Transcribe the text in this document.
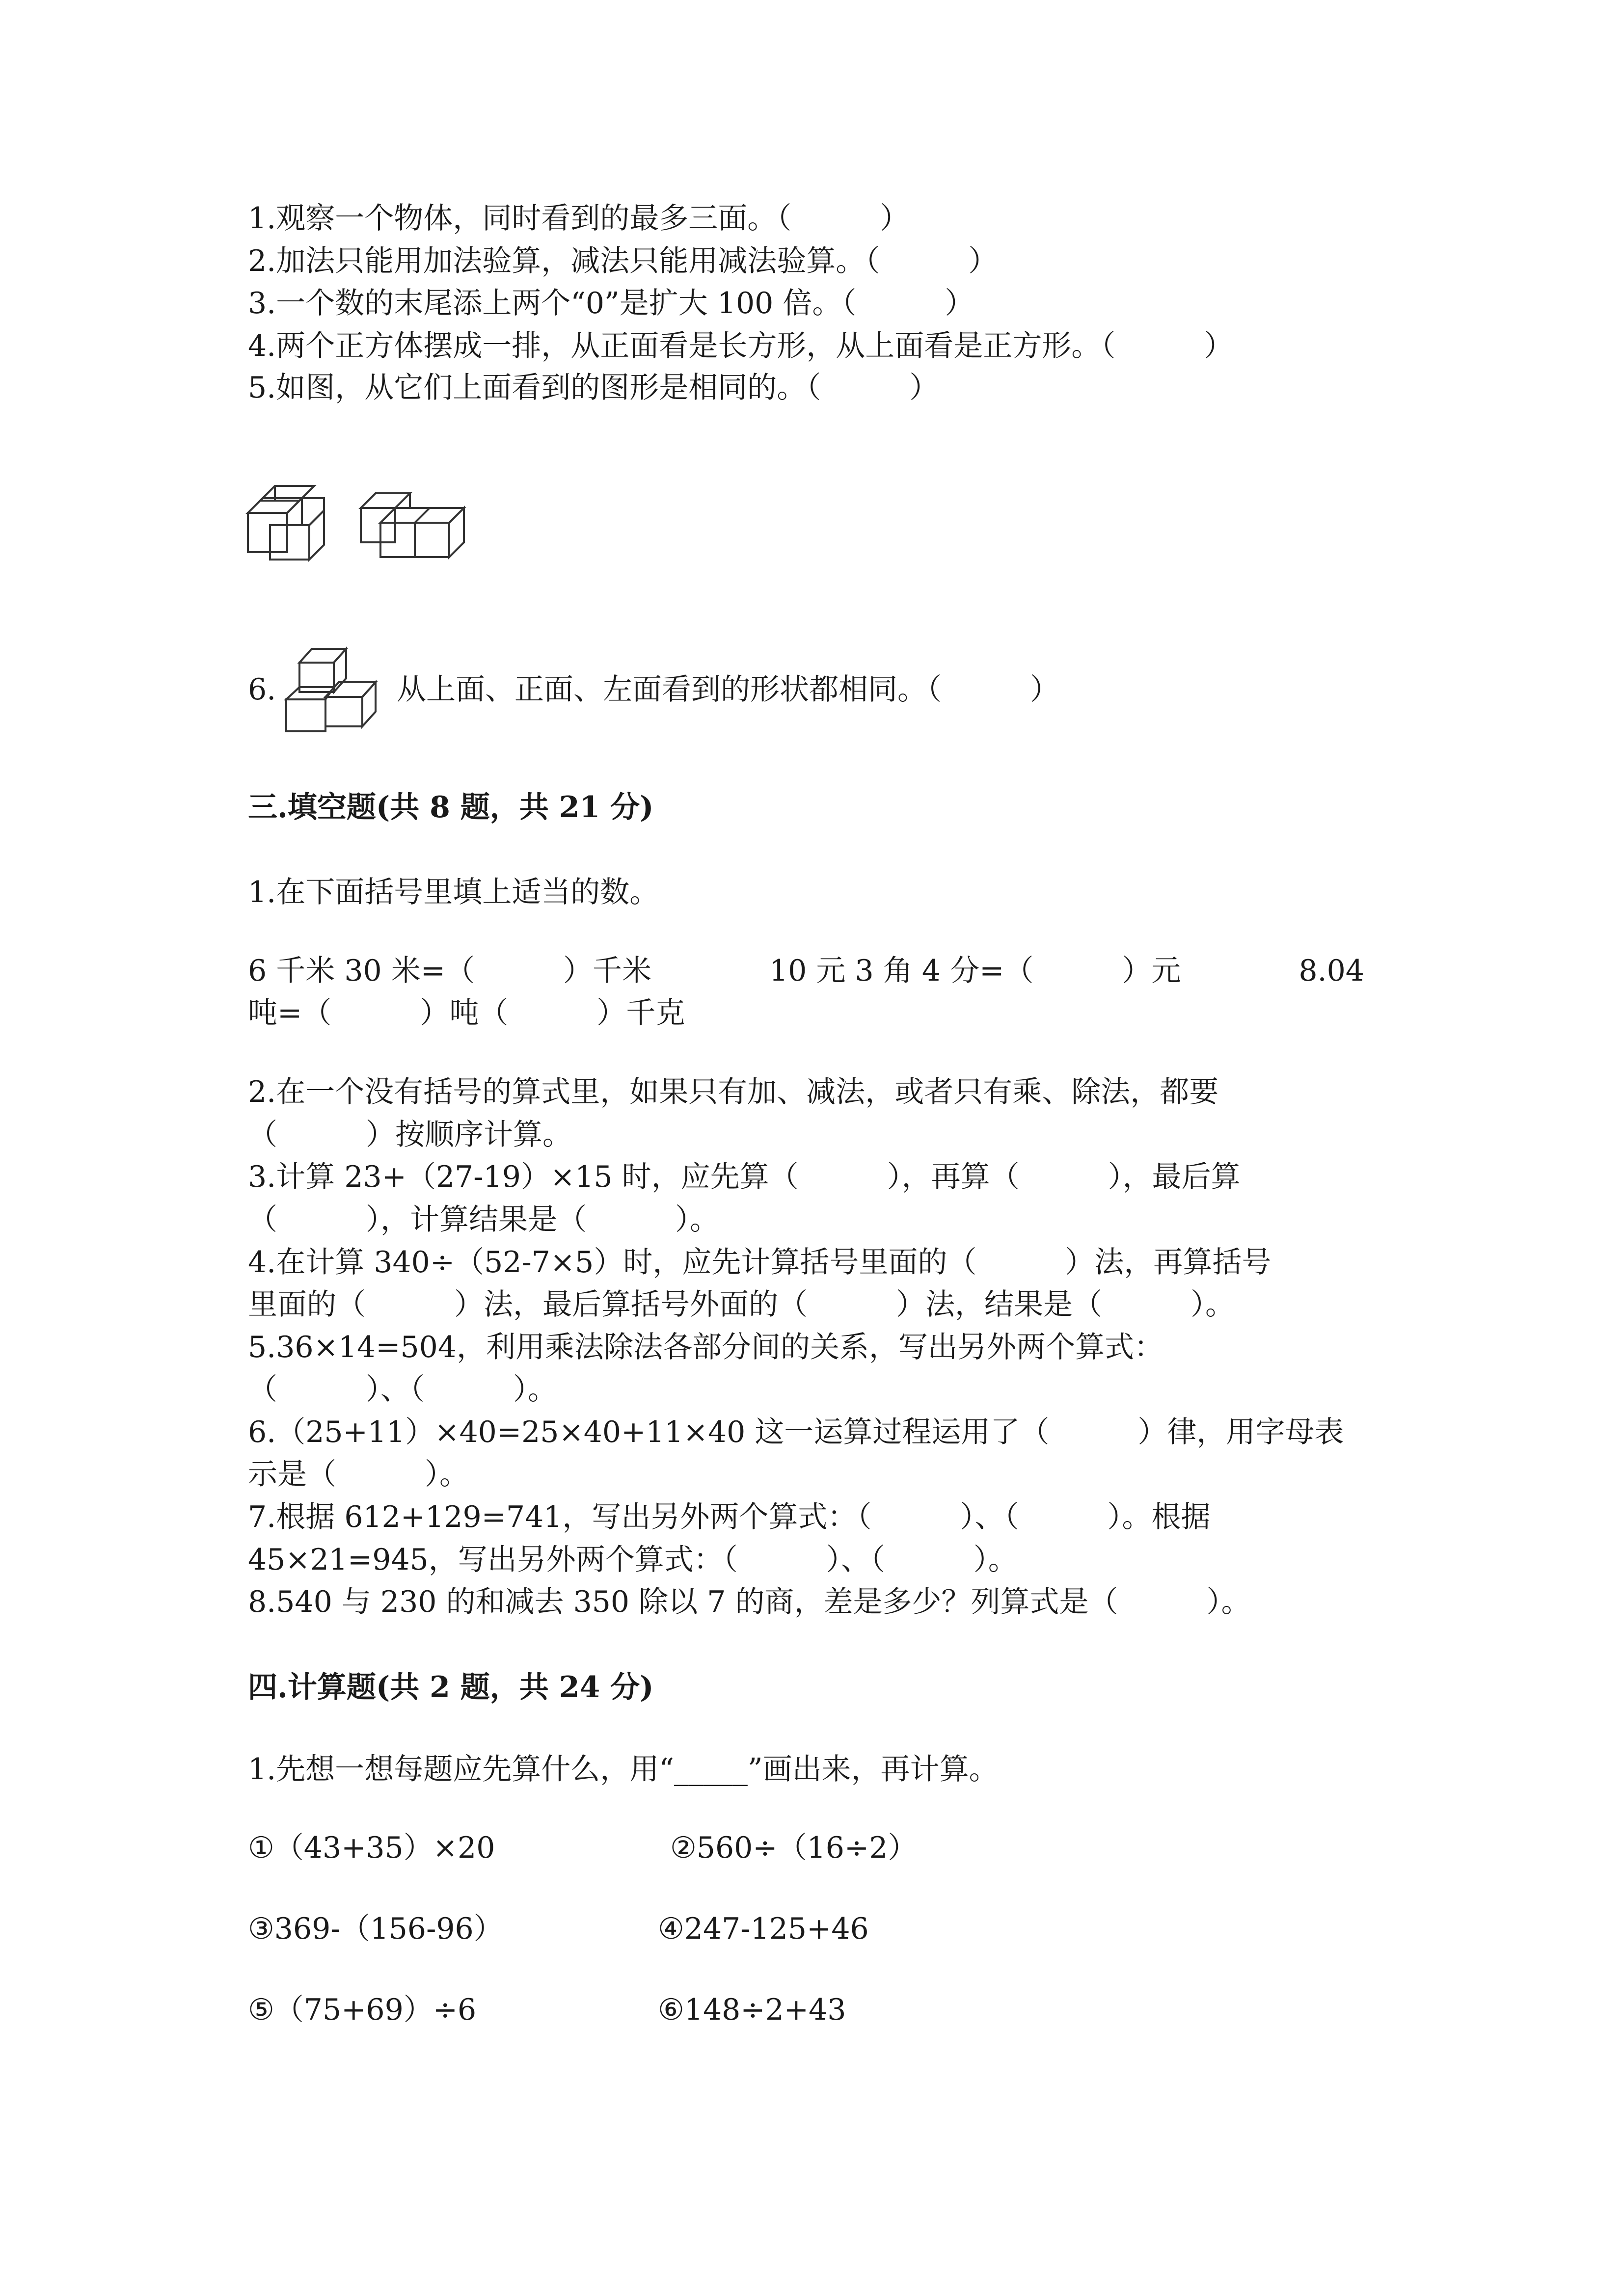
1.观察一个物体，同时看到的最多三面。（　　　）
2.加法只能用加法验算，减法只能用减法验算。（　　　）
3.一个数的末尾添上两个“0”是扩大 100 倍。（　　　）
4.两个正方体摆成一排，从正面看是长方形，从上面看是正方形。（　　　）
5.如图，从它们上面看到的图形是相同的。（　　　）
6.	从上面、正面、左面看到的形状都相同。（　　　）
三.填空题(共 8 题，共 21 分)
1.在下面括号里填上适当的数。
6 千米 30 米=（　　　）千米　　　　10 元 3 角 4 分=（　　　）元　　　　8.04
吨=（　　　）吨（　　　）千克
2.在一个没有括号的算式里，如果只有加、减法，或者只有乘、除法，都要
（　　　）按顺序计算。
3.计算 23+（27-19）×15 时，应先算（　　　），再算（　　　），最后算
（　　　），计算结果是（　　　）。
4.在计算 340÷（52-7×5）时，应先计算括号里面的（　　　）法，再算括号
里面的（　　　）法，最后算括号外面的（　　　）法，结果是（　　　）。
5.36×14=504，利用乘法除法各部分间的关系，写出另外两个算式：
（　　　）、（　　　）。
6.（25+11）×40=25×40+11×40 这一运算过程运用了（　　　）律，用字母表
示是（　　　）。
7.根据 612+129=741，写出另外两个算式：（　　　）、（　　　）。根据
45×21=945，写出另外两个算式：（　　　）、（　　　）。
8.540 与 230 的和减去 350 除以 7 的商，差是多少？列算式是（　　　）。
四.计算题(共 2 题，共 24 分)
1.先想一想每题应先算什么，用“_____”画出来，再计算。
①（43+35）×20	②560÷（16÷2）
③369-（156-96）	④247-125+46
⑤（75+69）÷6	⑥148÷2+43
